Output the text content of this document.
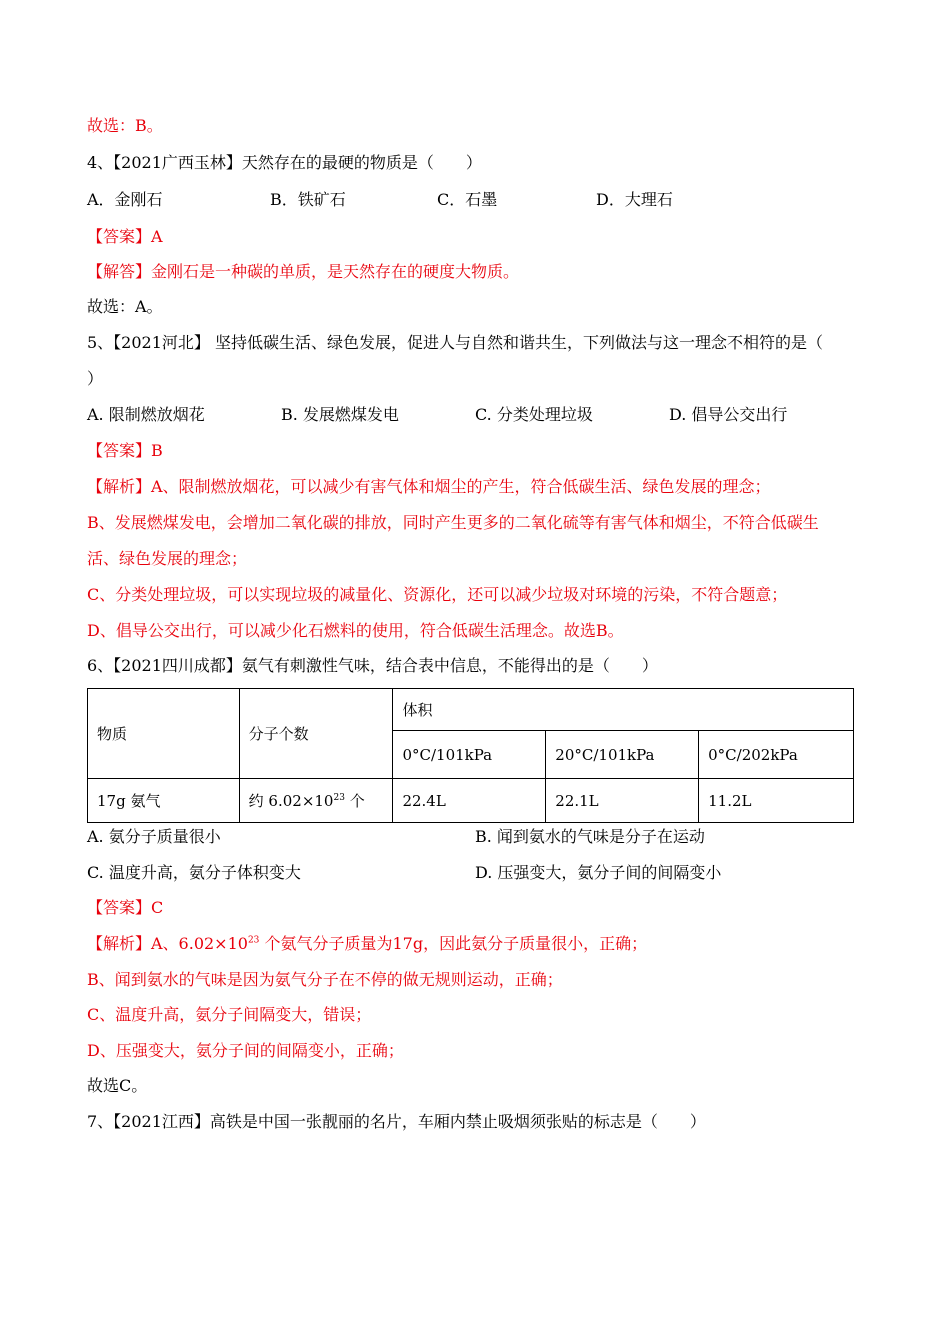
故选：B。
4、【2021广西玉林】天然存在的最硬的物质是（　　）
A．金刚石	B．铁矿石	C．石墨	D．大理石
【答案】A
【解答】金刚石是一种碳的单质，是天然存在的硬度大物质。
故选：A。
5、【2021河北】 坚持低碳生活、绿色发展，促进人与自然和谐共生，下列做法与这一理念不相符的是（
）
A. 限制燃放烟花	B. 发展燃煤发电	C. 分类处理垃圾	D. 倡导公交出行
【答案】B
【解析】A、限制燃放烟花，可以减少有害气体和烟尘的产生，符合低碳生活、绿色发展的理念；
B、发展燃煤发电，会增加二氧化碳的排放，同时产生更多的二氧化硫等有害气体和烟尘，不符合低碳生
活、绿色发展的理念；
C、分类处理垃圾，可以实现垃圾的减量化、资源化，还可以减少垃圾对环境的污染，不符合题意；
D、倡导公交出行，可以减少化石燃料的使用，符合低碳生活理念。故选B。
6、【2021四川成都】氨气有刺激性气味，结合表中信息，不能得出的是（　　）
物质	分子个数	体积		
		0°C/101kPa	20°C/101kPa	0°C/202kPa
17g 氨气	约 $6.02\times 10^{23}$ 个	22.4L	22.1L	11.2L
A. 氨分子质量很小	B. 闻到氨水的气味是分子在运动
C. 温度升高，氨分子体积变大	D. 压强变大，氨分子间的间隔变小
【答案】C
【解析】A、$6.02\times 10^{23}$ 个氨气分子质量为17g，因此氨分子质量很小，正确；
B、闻到氨水的气味是因为氨气分子在不停的做无规则运动，正确；
C、温度升高，氨分子间隔变大，错误；
D、压强变大，氨分子间的间隔变小，正确；
故选C。
7、【2021江西】高铁是中国一张靓丽的名片，车厢内禁止吸烟须张贴的标志是（　　）
